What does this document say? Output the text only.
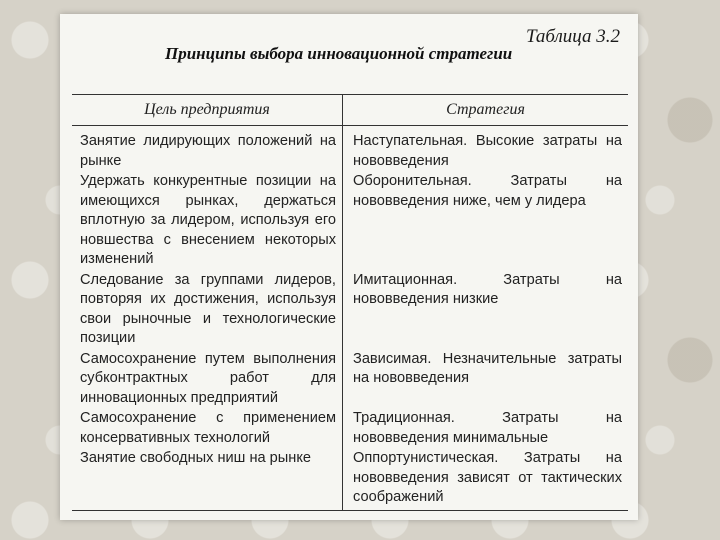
Таблица 3.2
Принципы выбора инновационной стратегии
Цель предприятия	Стратегия
Занятие лидирующих положений на рынке	Наступательная. Высокие затраты на нововведения
Удержать конкурентные позиции на имеющихся рынках, держаться вплотную за лидером, используя его новшества с внесением некоторых изменений	Оборонительная. Затраты на нововведения ниже, чем у лидера
Следование за группами лидеров, повторяя их достижения, используя свои рыночные и технологические позиции	Имитационная. Затраты на нововведения низкие
Самосохранение путем выполнения субконтрактных работ для инновационных предприятий	Зависимая. Незначительные затраты на нововведения
Самосохранение с применением консервативных технологий	Традиционная. Затраты на нововведения минимальные
Занятие свободных ниш на рынке	Оппортунистическая. Затраты на нововведения зависят от тактических соображений
